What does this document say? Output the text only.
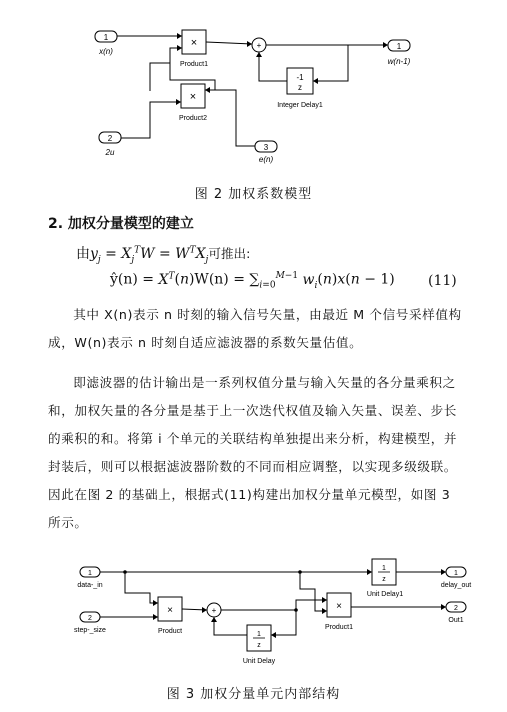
1
x(n)
2
2u
3
e(n)
1
w(n-1)
×
Product1
×
Product2
+
-1
z
Integer Delay1
图 2 加权系数模型
2. 加权分量模型的建立
由$y_j = X_j^TW = W^TX_j$可推出:
ŷ(n) = $X^T(n)W(n) = \sum_{i=0}^{M-1}$ $w_i(n)x(n - 1)$ (11)

其中 X(n)表示 n 时刻的输入信号矢量，由最近 M 个信号采样值构成，W(n)表示 n 时刻自适应滤波器的系数矢量估值。

即滤波器的估计输出是一系列权值分量与输入矢量的各分量乘积之和，加权矢量的各分量是基于上一次迭代权值及输入矢量、误差、步长的乘积的和。将第 i 个单元的关联结构单独提出来分析，构建模型，并封装后，则可以根据滤波器阶数的不同而相应调整，以实现多级级联。因此在图 2 的基础上，根据式(11)构建出加权分量单元模型，如图 3 所示。

1
data-_in
2
step-_size
1
delay_out
2
Out1
1
z
Unit Delay1
×
Product
+	×
Product1
1
z
Unit Delay
图 3 加权分量单元内部结构
